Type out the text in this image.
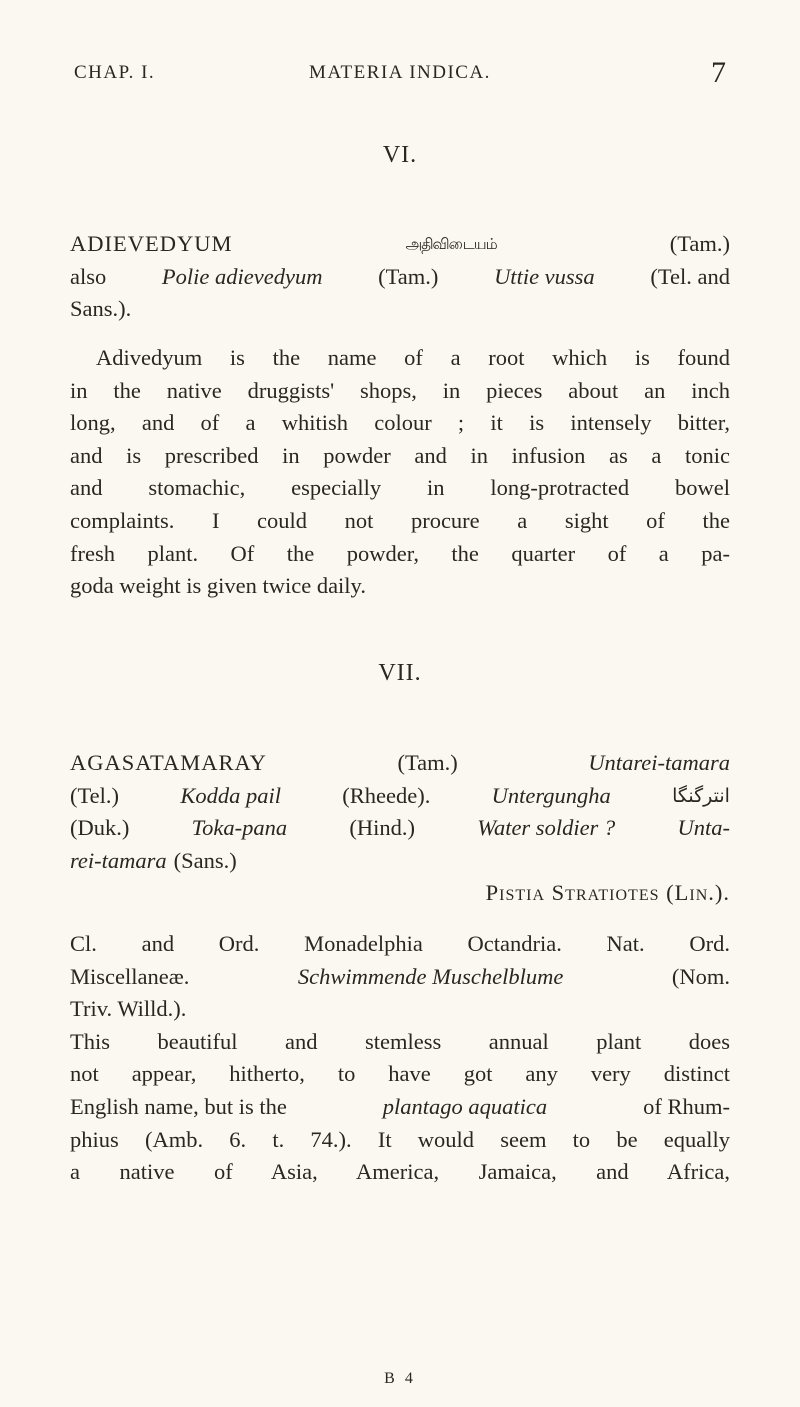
CHAP. I.	MATERIA INDICA.	7
VI.
ADIEVEDYUM	அதிவிடையம்	(Tam.)
also Polie adievedyum (Tam.) Uttie vussa (Tel. and
Sans.).
Adivedyum is the name of a root which is found
in the native druggists' shops, in pieces about an inch
long, and of a whitish colour ; it is intensely bitter,
and is prescribed in powder and in infusion as a tonic
and stomachic, especially in long-protracted bowel
complaints. I could not procure a sight of the
fresh plant. Of the powder, the quarter of a pa-
goda weight is given twice daily.
VII.
AGASATAMARAY	(Tam.)	Untarei-tamara
(Tel.)	Kodda pail	(Rheede).	Untergungha	انترگنگا
(Duk.)	Toka-pana	(Hind.)	Water soldier ?	Unta-
rei-tamara (Sans.)
Pistia Stratiotes (Lin.).
Cl. and Ord. Monadelphia Octandria. Nat. Ord.
Miscellaneæ.	Schwimmende Muschelblume	(Nom.
Triv. Willd.).
This beautiful and stemless annual plant does
not appear, hitherto, to have got any very distinct
English name, but is the	plantago aquatica	of Rhum-
phius (Amb. 6. t. 74.). It would seem to be equally
a native of Asia, America, Jamaica, and Africa,
B 4
